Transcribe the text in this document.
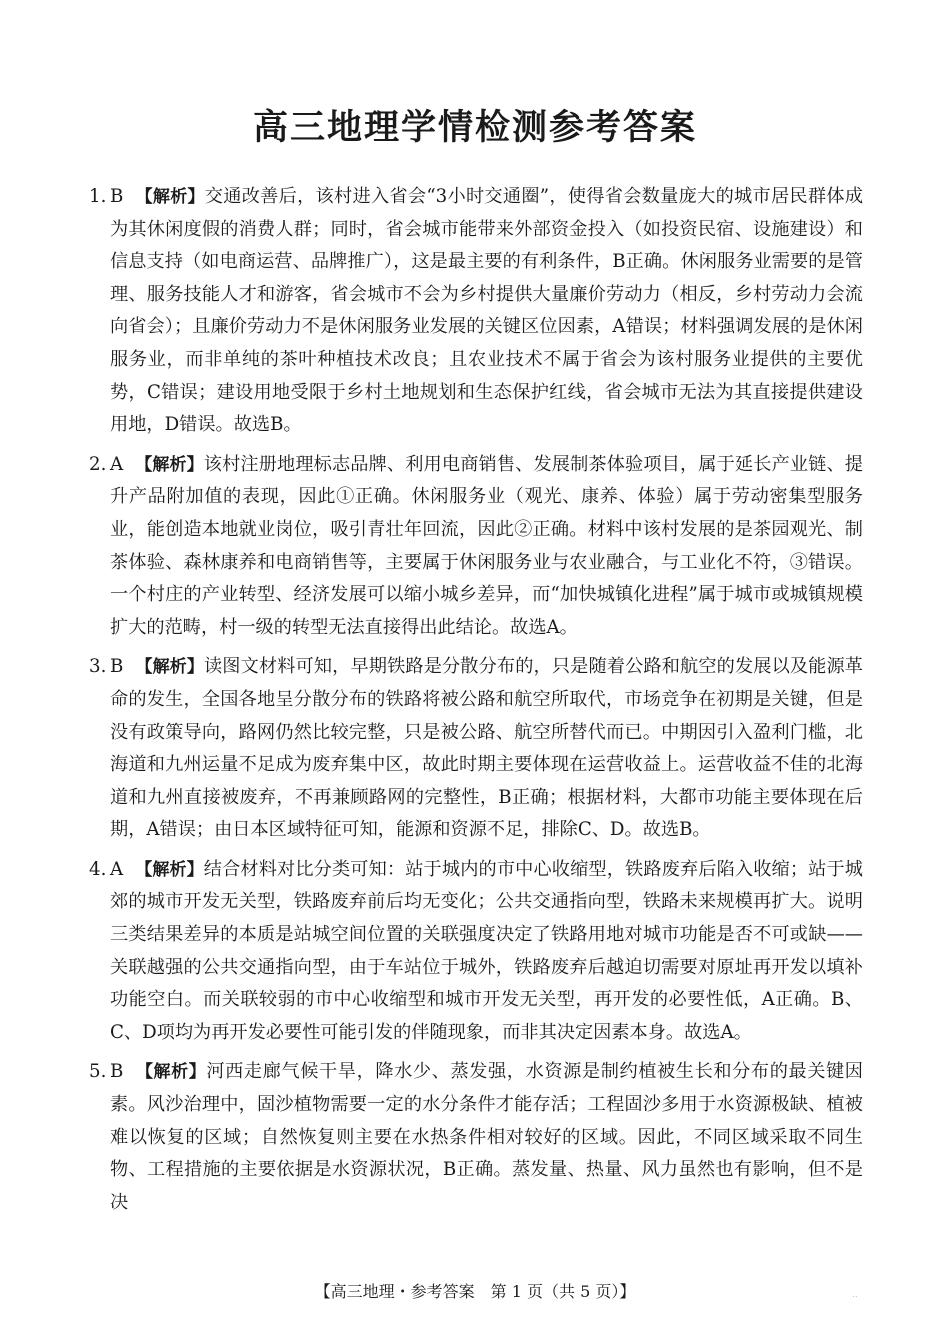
高三地理学情检测参考答案
1. B 【解析】交通改善后，该村进入省会“3小时交通圈”，使得省会数量庞大的城市居民群体成为其休闲度假的消费人群；同时，省会城市能带来外部资金投入（如投资民宿、设施建设）和信息支持（如电商运营、品牌推广），这是最主要的有利条件，B正确。休闲服务业需要的是管理、服务技能人才和游客，省会城市不会为乡村提供大量廉价劳动力（相反，乡村劳动力会流向省会）；且廉价劳动力不是休闲服务业发展的关键区位因素，A错误；材料强调发展的是休闲服务业，而非单纯的茶叶种植技术改良；且农业技术不属于省会为该村服务业提供的主要优势，C错误；建设用地受限于乡村土地规划和生态保护红线，省会城市无法为其直接提供建设用地，D错误。故选B。
2. A 【解析】该村注册地理标志品牌、利用电商销售、发展制茶体验项目，属于延长产业链、提升产品附加值的表现，因此①正确。休闲服务业（观光、康养、体验）属于劳动密集型服务业，能创造本地就业岗位，吸引青壮年回流，因此②正确。材料中该村发展的是茶园观光、制茶体验、森林康养和电商销售等，主要属于休闲服务业与农业融合，与工业化不符，③错误。一个村庄的产业转型、经济发展可以缩小城乡差异，而“加快城镇化进程”属于城市或城镇规模扩大的范畴，村一级的转型无法直接得出此结论。故选A。
3. B 【解析】读图文材料可知，早期铁路是分散分布的，只是随着公路和航空的发展以及能源革命的发生，全国各地呈分散分布的铁路将被公路和航空所取代，市场竞争在初期是关键，但是没有政策导向，路网仍然比较完整，只是被公路、航空所替代而已。中期因引入盈利门槛，北海道和九州运量不足成为废弃集中区，故此时期主要体现在运营收益上。运营收益不佳的北海道和九州直接被废弃，不再兼顾路网的完整性，B正确；根据材料，大都市功能主要体现在后期，A错误；由日本区域特征可知，能源和资源不足，排除C、D。故选B。
4. A 【解析】结合材料对比分类可知：站于城内的市中心收缩型，铁路废弃后陷入收缩；站于城郊的城市开发无关型，铁路废弃前后均无变化；公共交通指向型，铁路未来规模再扩大。说明三类结果差异的本质是站城空间位置的关联强度决定了铁路用地对城市功能是否不可或缺——关联越强的公共交通指向型，由于车站位于城外，铁路废弃后越迫切需要对原址再开发以填补功能空白。而关联较弱的市中心收缩型和城市开发无关型，再开发的必要性低，A正确。B、C、D项均为再开发必要性可能引发的伴随现象，而非其决定因素本身。故选A。
5. B 【解析】河西走廊气候干旱，降水少、蒸发强，水资源是制约植被生长和分布的最关键因素。风沙治理中，固沙植物需要一定的水分条件才能存活；工程固沙多用于水资源极缺、植被难以恢复的区域；自然恢复则主要在水热条件相对较好的区域。因此，不同区域采取不同生物、工程措施的主要依据是水资源状况，B正确。蒸发量、热量、风力虽然也有影响，但不是决
【高三地理・参考答案　第 1 页（共 5 页）】	..
